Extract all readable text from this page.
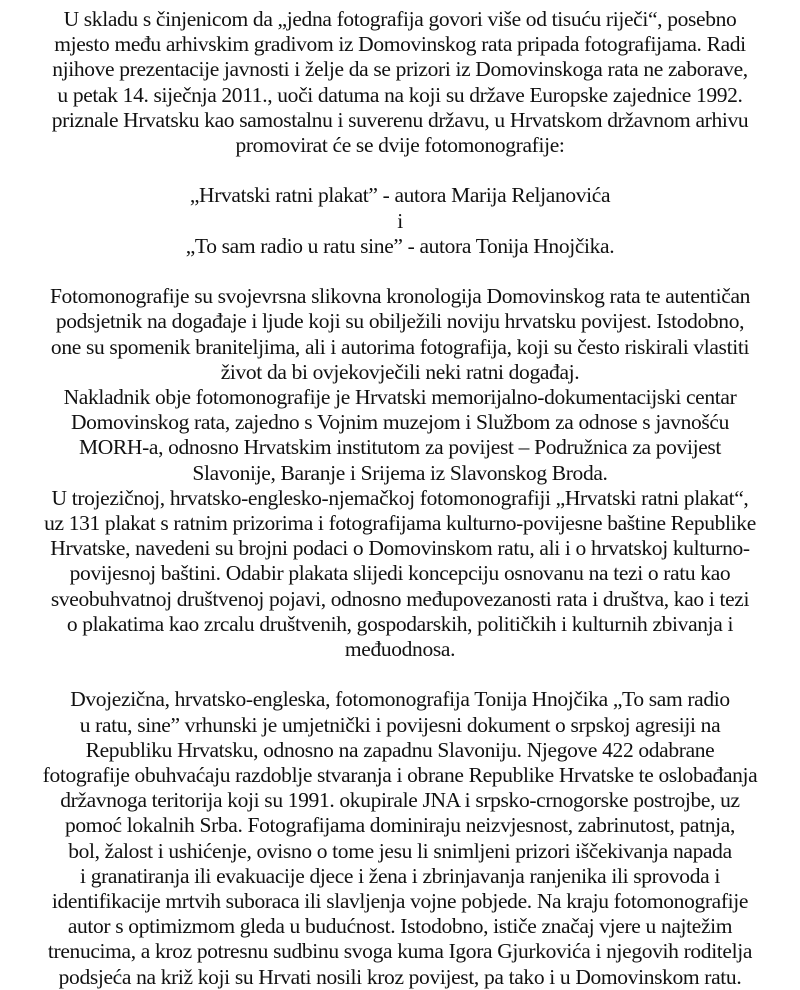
U skladu s činjenicom da „jedna fotografija govori više od tisuću riječi“, posebno
mjesto među arhivskim gradivom iz Domovinskog rata pripada fotografijama. Radi
njihove prezentacije javnosti i želje da se prizori iz Domovinskoga rata ne zaborave,
u petak 14. siječnja 2011., uoči datuma na koji su države Europske zajednice 1992.
priznale Hrvatsku kao samostalnu i suverenu državu, u Hrvatskom državnom arhivu
promovirat će se dvije fotomonografije:

„Hrvatski ratni plakat” - autora Marija Reljanovića
i
„To sam radio u ratu sine” - autora Tonija Hnojčika.

Fotomonografije su svojevrsna slikovna kronologija Domovinskog rata te autentičan
podsjetnik na događaje i ljude koji su obilježili noviju hrvatsku povijest. Istodobno,
one su spomenik braniteljima, ali i autorima fotografija, koji su često riskirali vlastiti
život da bi ovjekovječili neki ratni događaj.
Nakladnik obje fotomonografije je Hrvatski memorijalno-dokumentacijski centar
Domovinskog rata, zajedno s Vojnim muzejom i Službom za odnose s javnošću
MORH-a, odnosno Hrvatskim institutom za povijest – Podružnica za povijest
Slavonije, Baranje i Srijema iz Slavonskog Broda.
U trojezičnoj, hrvatsko-englesko-njemačkoj fotomonografiji „Hrvatski ratni plakat“,
uz 131 plakat s ratnim prizorima i fotografijama kulturno-povijesne baštine Republike
Hrvatske, navedeni su brojni podaci o Domovinskom ratu, ali i o hrvatskoj kulturno-
povijesnoj baštini. Odabir plakata slijedi koncepciju osnovanu na tezi o ratu kao
sveobuhvatnoj društvenoj pojavi, odnosno međupovezanosti rata i društva, kao i tezi
o plakatima kao zrcalu društvenih, gospodarskih, političkih i kulturnih zbivanja i
međuodnosa.

Dvojezična, hrvatsko-engleska, fotomonografija Tonija Hnojčika „To sam radio
u ratu, sine” vrhunski je umjetnički i povijesni dokument o srpskoj agresiji na
Republiku Hrvatsku, odnosno na zapadnu Slavoniju. Njegove 422 odabrane
fotografije obuhvaćaju razdoblje stvaranja i obrane Republike Hrvatske te oslobađanja
državnoga teritorija koji su 1991. okupirale JNA i srpsko-crnogorske postrojbe, uz
pomoć lokalnih Srba. Fotografijama dominiraju neizvjesnost, zabrinutost, patnja,
bol, žalost i ushićenje, ovisno o tome jesu li snimljeni prizori iščekivanja napada
i granatiranja ili evakuacije djece i žena i zbrinjavanja ranjenika ili sprovoda i
identifikacije mrtvih suboraca ili slavljenja vojne pobjede. Na kraju fotomonografije
autor s optimizmom gleda u budućnost. Istodobno, ističe značaj vjere u najtežim
trenucima, a kroz potresnu sudbinu svoga kuma Igora Gjurkovića i njegovih roditelja
podsjeća na križ koji su Hrvati nosili kroz povijest, pa tako i u Domovinskom ratu.
